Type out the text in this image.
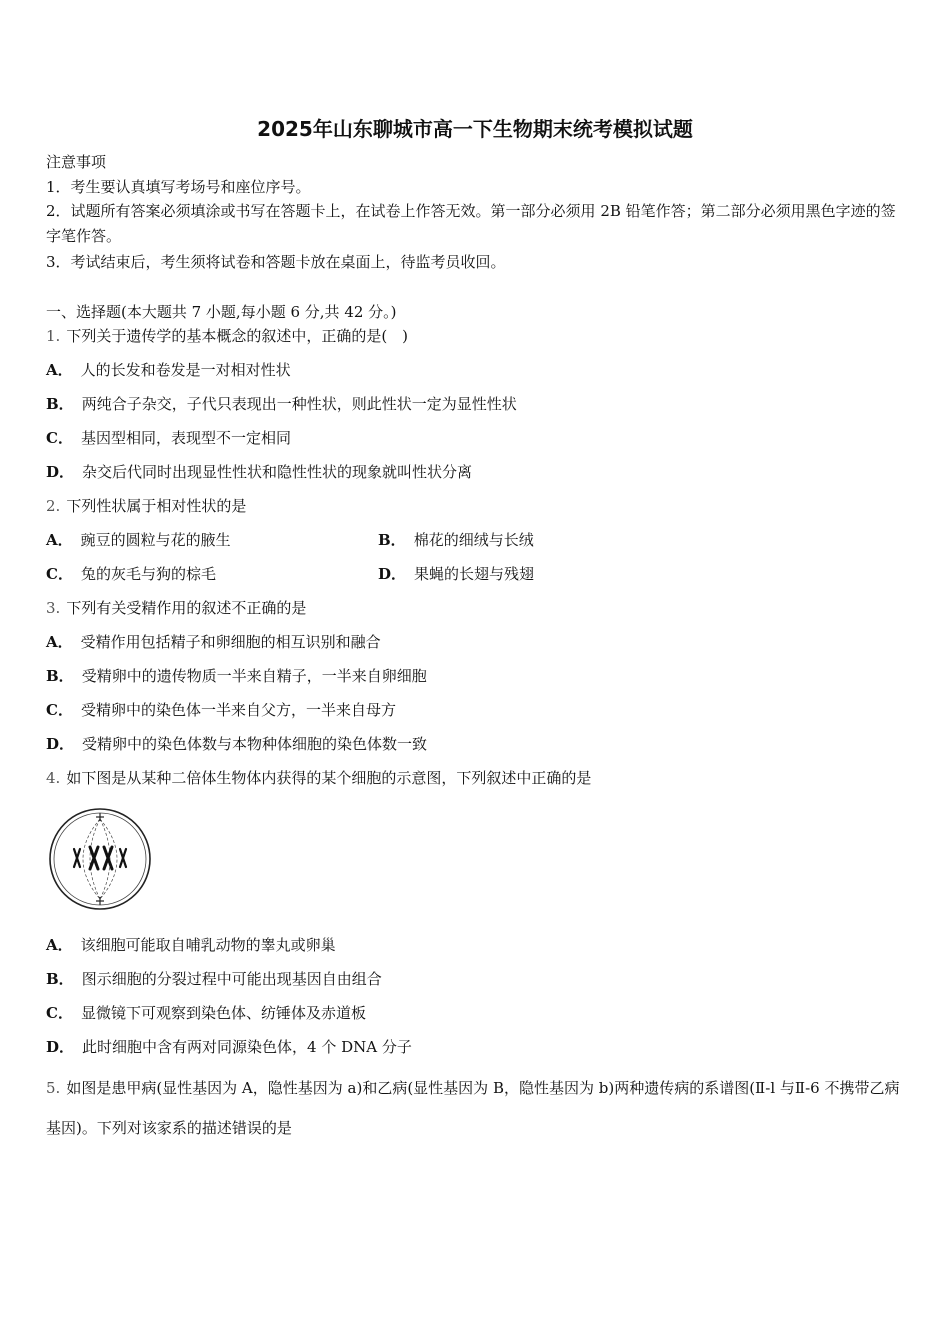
2025年山东聊城市高一下生物期末统考模拟试题
注意事项
1．考生要认真填写考场号和座位序号。
2．试题所有答案必须填涂或书写在答题卡上，在试卷上作答无效。第一部分必须用 2B 铅笔作答；第二部分必须用黑色字迹的签字笔作答。
3．考试结束后，考生须将试卷和答题卡放在桌面上，待监考员收回。
一、选择题(本大题共 7 小题,每小题 6 分,共 42 分。)
1. 下列关于遗传学的基本概念的叙述中，正确的是(　)
A． 人的长发和卷发是一对相对性状
B． 两纯合子杂交，子代只表现出一种性状，则此性状一定为显性性状
C． 基因型相同，表现型不一定相同
D． 杂交后代同时出现显性性状和隐性性状的现象就叫性状分离
2. 下列性状属于相对性状的是
A． 豌豆的圆粒与花的腋生	B． 棉花的细绒与长绒
C． 兔的灰毛与狗的棕毛	D． 果蝇的长翅与残翅
3. 下列有关受精作用的叙述不正确的是
A． 受精作用包括精子和卵细胞的相互识别和融合
B． 受精卵中的遗传物质一半来自精子，一半来自卵细胞
C． 受精卵中的染色体一半来自父方，一半来自母方
D． 受精卵中的染色体数与本物种体细胞的染色体数一致
4. 如下图是从某种二倍体生物体内获得的某个细胞的示意图，下列叙述中正确的是
A． 该细胞可能取自哺乳动物的睾丸或卵巢
B． 图示细胞的分裂过程中可能出现基因自由组合
C． 显微镜下可观察到染色体、纺锤体及赤道板
D． 此时细胞中含有两对同源染色体，4 个 DNA 分子
5. 如图是患甲病(显性基因为 A，隐性基因为 a)和乙病(显性基因为 B，隐性基因为 b)两种遗传病的系谱图(Ⅱ-l 与Ⅱ-6 不携带乙病基因)。下列对该家系的描述错误的是
